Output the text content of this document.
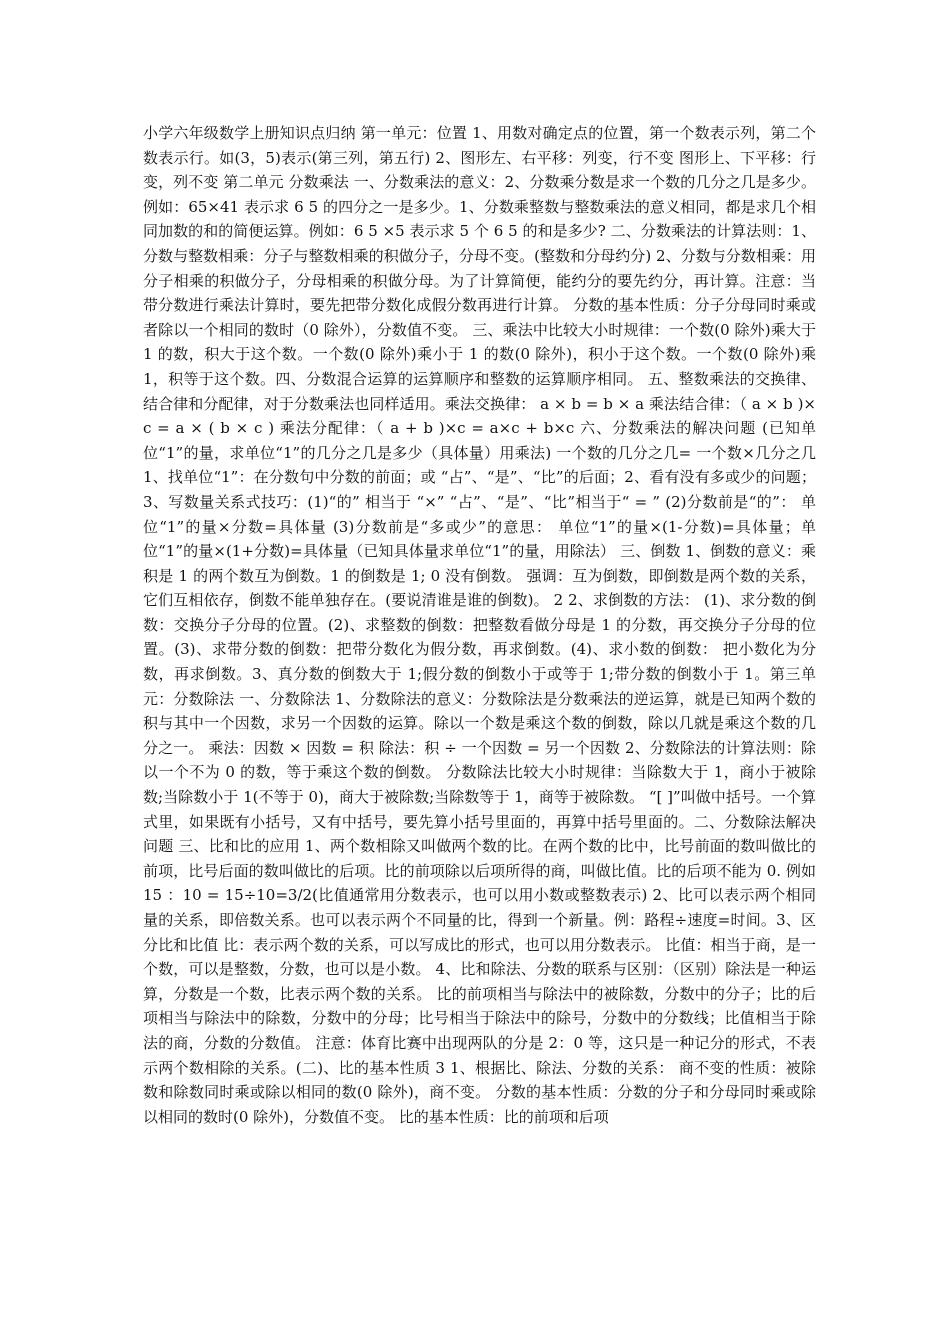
小学六年级数学上册知识点归纳 第一单元：位置 1、用数对确定点的位置，第一个数表示列，第二个数表示行。如(3，5)表示(第三列，第五行) 2、图形左、右平移：列变，行不变 图形上、下平移：行变，列不变 第二单元 分数乘法 一、分数乘法的意义：2、分数乘分数是求一个数的几分之几是多少。例如：65×41 表示求 6 5 的四分之一是多少。1、分数乘整数与整数乘法的意义相同，都是求几个相同加数的和的简便运算。例如：6 5 ×5 表示求 5 个 6 5 的和是多少? 二、分数乘法的计算法则：1、分数与整数相乘：分子与整数相乘的积做分子，分母不变。(整数和分母约分) 2、分数与分数相乘：用分子相乘的积做分子，分母相乘的积做分母。为了计算简便，能约分的要先约分，再计算。注意：当带分数进行乘法计算时，要先把带分数化成假分数再进行计算。 分数的基本性质：分子分母同时乘或者除以一个相同的数时（0 除外），分数值不变。 三、乘法中比较大小时规律：一个数(0 除外)乘大于 1 的数，积大于这个数。一个数(0 除外)乘小于 1 的数(0 除外)，积小于这个数。一个数(0 除外)乘 1，积等于这个数。四、分数混合运算的运算顺序和整数的运算顺序相同。 五、整数乘法的交换律、结合律和分配律，对于分数乘法也同样适用。乘法交换律： a × b = b × a 乘法结合律：（ a × b )×c = a × ( b × c ) 乘法分配律：（ a + b )×c = a×c + b×c 六、分数乘法的解决问题 (已知单位“1”的量，求单位“1”的几分之几是多少（具体量）用乘法) 一个数的几分之几= 一个数×几分之几 1、找单位“1”：在分数句中分数的前面；或 “占”、“是”、“比”的后面；2、看有没有多或少的问题； 3、写数量关系式技巧：(1)“的” 相当于 “×” “占”、“是”、“比”相当于“ = ” (2)分数前是“的”： 单位“1”的量×分数=具体量 (3)分数前是“多或少”的意思： 单位“1”的量×(1-分数)=具体量；单位“1”的量×(1+分数)=具体量（已知具体量求单位“1”的量，用除法） 三、倒数 1、倒数的意义：乘积是 1 的两个数互为倒数。1 的倒数是 1; 0 没有倒数。 强调：互为倒数，即倒数是两个数的关系，它们互相依存，倒数不能单独存在。(要说清谁是谁的倒数)。 2 2、求倒数的方法： (1)、求分数的倒数：交换分子分母的位置。(2)、求整数的倒数：把整数看做分母是 1 的分数，再交换分子分母的位置。(3)、求带分数的倒数：把带分数化为假分数，再求倒数。(4)、求小数的倒数： 把小数化为分数，再求倒数。3、真分数的倒数大于 1;假分数的倒数小于或等于 1;带分数的倒数小于 1。第三单元：分数除法 一、分数除法 1、分数除法的意义：分数除法是分数乘法的逆运算，就是已知两个数的积与其中一个因数，求另一个因数的运算。除以一个数是乘这个数的倒数，除以几就是乘这个数的几分之一。 乘法：因数 × 因数 = 积 除法：积 ÷ 一个因数 = 另一个因数 2、分数除法的计算法则：除以一个不为 0 的数，等于乘这个数的倒数。 分数除法比较大小时规律：当除数大于 1，商小于被除数;当除数小于 1(不等于 0)，商大于被除数;当除数等于 1，商等于被除数。 “[ ]”叫做中括号。一个算式里，如果既有小括号，又有中括号，要先算小括号里面的，再算中括号里面的。二、分数除法解决问题 三、比和比的应用 1、两个数相除又叫做两个数的比。在两个数的比中，比号前面的数叫做比的前项，比号后面的数叫做比的后项。比的前项除以后项所得的商，叫做比值。比的后项不能为 0. 例如 15 ：10 = 15÷10=3/2(比值通常用分数表示，也可以用小数或整数表示) 2、比可以表示两个相同量的关系，即倍数关系。也可以表示两个不同量的比，得到一个新量。例：路程÷速度=时间。3、区分比和比值 比：表示两个数的关系，可以写成比的形式，也可以用分数表示。 比值：相当于商，是一个数，可以是整数，分数，也可以是小数。 4、比和除法、分数的联系与区别：（区别）除法是一种运算，分数是一个数，比表示两个数的关系。 比的前项相当与除法中的被除数，分数中的分子；比的后项相当与除法中的除数，分数中的分母；比号相当于除法中的除号，分数中的分数线；比值相当于除法的商，分数的分数值。 注意：体育比赛中出现两队的分是 2：0 等，这只是一种记分的形式，不表示两个数相除的关系。(二)、比的基本性质 3 1、根据比、除法、分数的关系： 商不变的性质：被除数和除数同时乘或除以相同的数(0 除外)，商不变。 分数的基本性质：分数的分子和分母同时乘或除以相同的数时(0 除外)，分数值不变。 比的基本性质：比的前项和后项
